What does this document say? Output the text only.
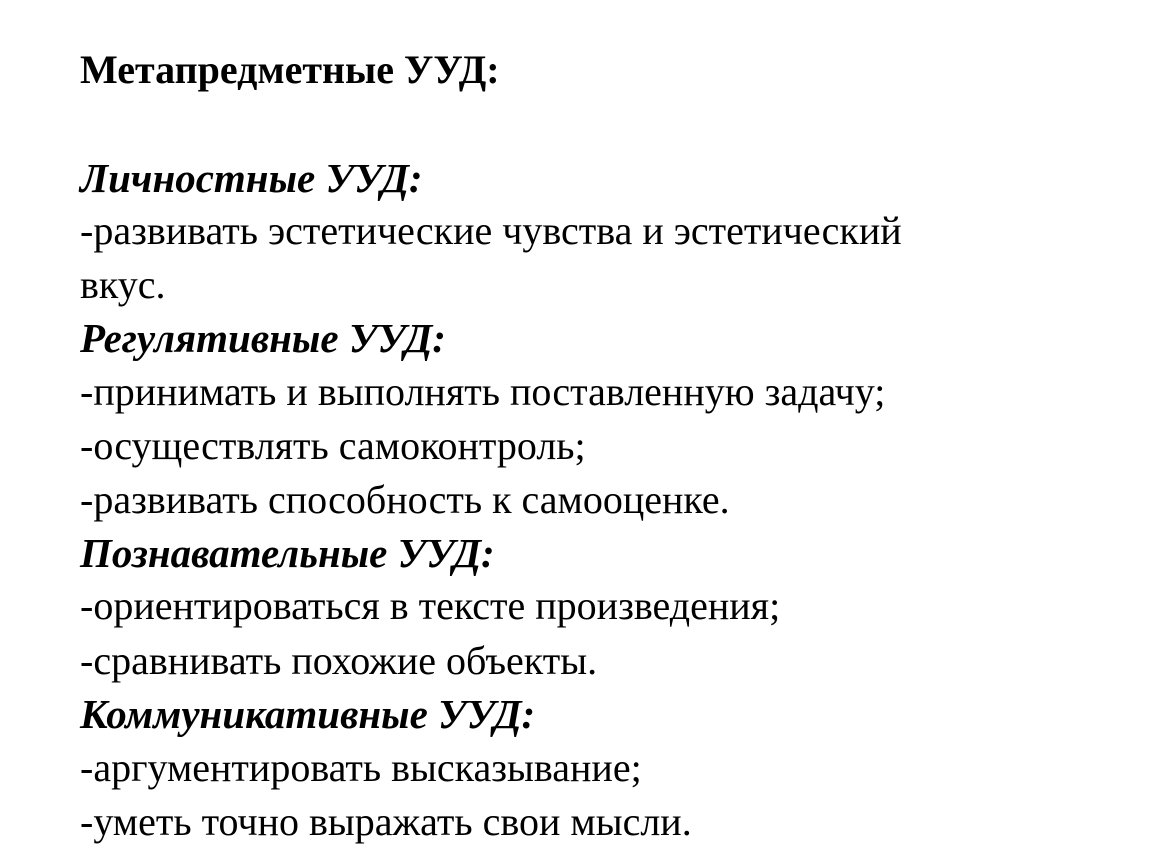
Метапредметные УУД:
Личностные УУД:
-развивать эстетические чувства и эстетический
вкус.
Регулятивные УУД:
-принимать и выполнять поставленную задачу;
-осуществлять самоконтроль;
-развивать способность к самооценке.
Познавательные УУД:
-ориентироваться в тексте произведения;
-сравнивать похожие объекты.
Коммуникативные УУД:
-аргументировать высказывание;
-уметь точно выражать свои мысли.
